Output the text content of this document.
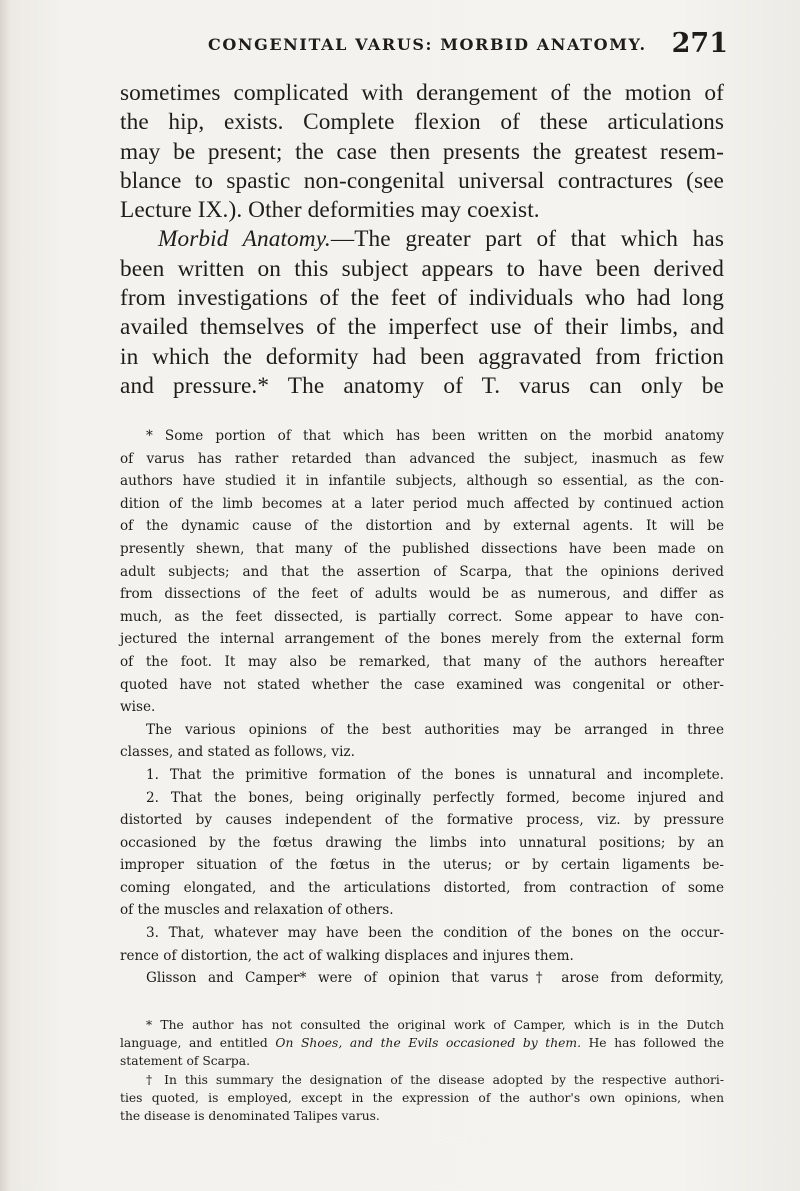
CONGENITAL VARUS: MORBID ANATOMY. 271
sometimes complicated with derangement of the motion of
the hip, exists. Complete flexion of these articulations
may be present; the case then presents the greatest resem-
blance to spastic non-congenital universal contractures (see
Lecture IX.). Other deformities may coexist.
Morbid Anatomy.—The greater part of that which has
been written on this subject appears to have been derived
from investigations of the feet of individuals who had long
availed themselves of the imperfect use of their limbs, and
in which the deformity had been aggravated from friction
and pressure.* The anatomy of T. varus can only be
* Some portion of that which has been written on the morbid anatomy
of varus has rather retarded than advanced the subject, inasmuch as few
authors have studied it in infantile subjects, although so essential, as the con-
dition of the limb becomes at a later period much affected by continued action
of the dynamic cause of the distortion and by external agents. It will be
presently shewn, that many of the published dissections have been made on
adult subjects; and that the assertion of Scarpa, that the opinions derived
from dissections of the feet of adults would be as numerous, and differ as
much, as the feet dissected, is partially correct. Some appear to have con-
jectured the internal arrangement of the bones merely from the external form
of the foot. It may also be remarked, that many of the authors hereafter
quoted have not stated whether the case examined was congenital or other-
wise.
The various opinions of the best authorities may be arranged in three
classes, and stated as follows, viz.
1. That the primitive formation of the bones is unnatural and incomplete.
2. That the bones, being originally perfectly formed, become injured and
distorted by causes independent of the formative process, viz. by pressure
occasioned by the fœtus drawing the limbs into unnatural positions; by an
improper situation of the fœtus in the uterus; or by certain ligaments be-
coming elongated, and the articulations distorted, from contraction of some
of the muscles and relaxation of others.
3. That, whatever may have been the condition of the bones on the occur-
rence of distortion, the act of walking displaces and injures them.
Glisson and Camper* were of opinion that varus† arose from deformity,
* The author has not consulted the original work of Camper, which is in the Dutch
language, and entitled On Shoes, and the Evils occasioned by them. He has followed the
statement of Scarpa.
† In this summary the designation of the disease adopted by the respective authori-
ties quoted, is employed, except in the expression of the author's own opinions, when
the disease is denominated Talipes varus.
